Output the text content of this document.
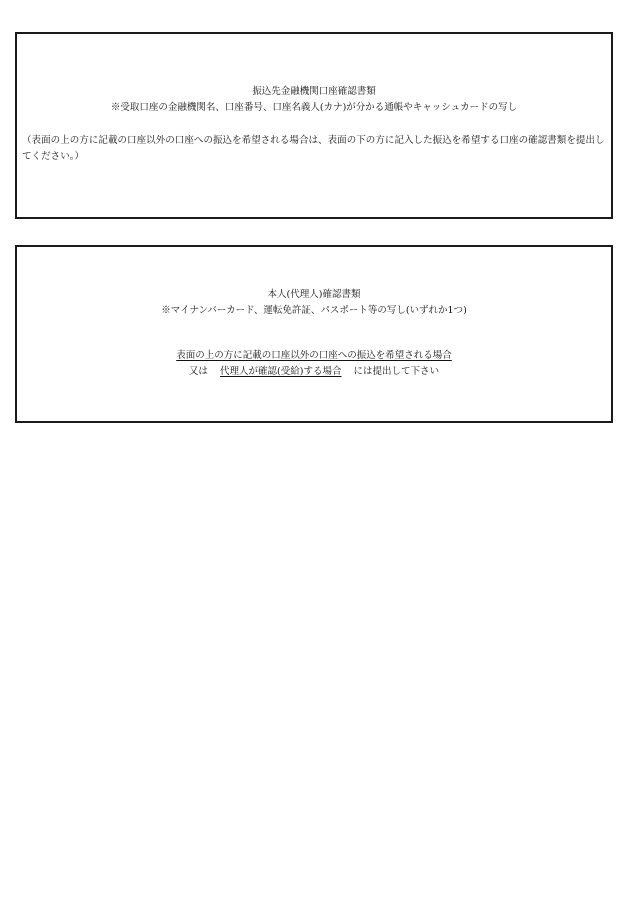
振込先金融機関口座確認書類
※受取口座の金融機関名、口座番号、口座名義人(カナ)が分かる通帳やキャッシュカードの写し
（表面の上の方に記載の口座以外の口座への振込を希望される場合は、表面の下の方に記入した振込を希望する口座の確認書類を提出してください。）
本人(代理人)確認書類
※マイナンバーカード、運転免許証、パスポート等の写し(いずれか1つ)
表面の上の方に記載の口座以外の口座への振込を希望される場合
又は 代理人が確認(受給)する場合 には提出して下さい
